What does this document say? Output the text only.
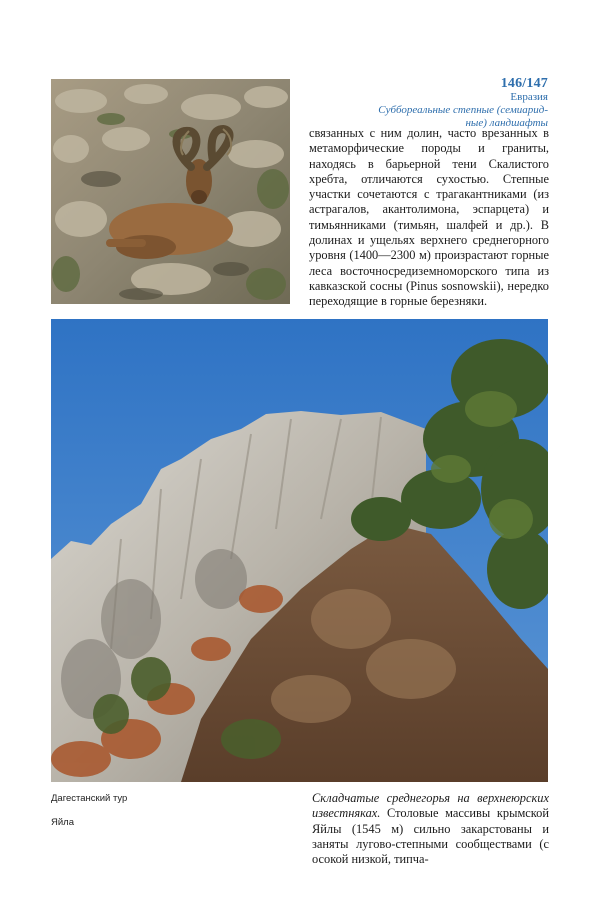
146/147
Евразия
Суббореальные степные (семиарид-
ные) ландшафты

связанных с ним долин, часто врезанных в метаморфические породы и граниты, находясь в барьерной тени Скалистого хребта, отличаются сухостью. Степные участки сочетаются с трагакантниками (из астрагалов, акантолимона, эспарцета) и тимьянниками (тимьян, шалфей и др.). В долинах и ущельях верхнего среднегорного уровня (1400—2300 м) произрастают горные леса восточносредиземноморского типа из кавказской сосны (Pinus sosnowskii), нередко переходящие в горные березняки.

Дагестанский тур
Яйла

Складчатые среднегорья на верхнеюрских известняках. Столовые массивы крымской Яйлы (1545 м) сильно закарстованы и заняты лугово-степными сообществами (с осокой низкой, типча-
